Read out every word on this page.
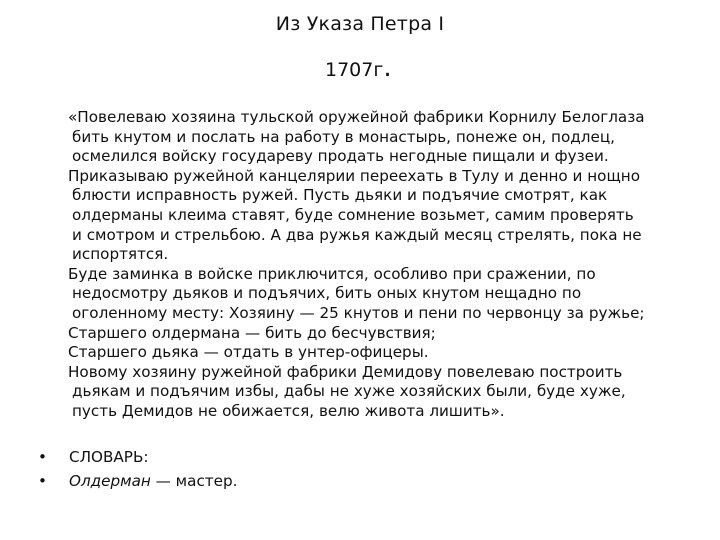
Из Указа Петра I
1707г.
«Повелеваю хозяина тульской оружейной фабрики Корнилу Белоглаза
бить кнутом и послать на работу в монастырь, понеже он, подлец,
осмелился войску государеву продать негодные пищали и фузеи.
Приказываю ружейной канцелярии переехать в Тулу и денно и нощно
блюсти исправность ружей. Пусть дьяки и подъячие смотрят, как
олдерманы клеима ставят, буде сомнение возьмет, самим проверять
и смотром и стрельбою. А два ружья каждый месяц стрелять, пока не
испортятся.
Буде заминка в войске приключится, особливо при сражении, по
недосмотру дьяков и подъячих, бить оных кнутом нещадно по
оголенному месту: Хозяину — 25 кнутов и пени по червонцу за ружье;
Старшего олдермана — бить до бесчувствия;
Старшего дьяка — отдать в унтер-офицеры.
Новому хозяину ружейной фабрики Демидову повелеваю построить
дьякам и подъячим избы, дабы не хуже хозяйских были, буде хуже,
пусть Демидов не обижается, велю живота лишить».
•	СЛОВАРЬ:
•	Олдерман — мастер.
